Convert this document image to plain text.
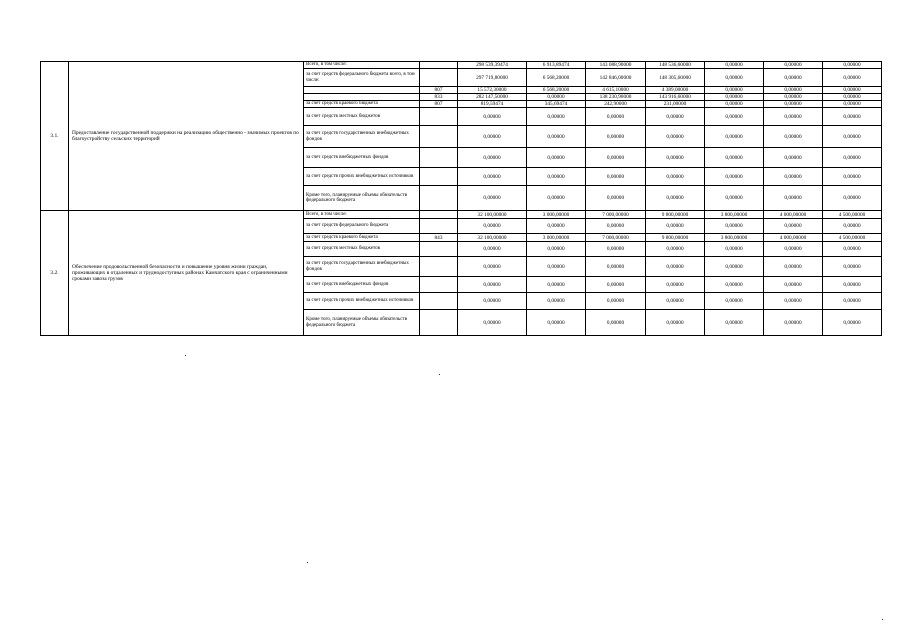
3.1.	Предоставление государственной поддержки на реализацию общественно - значимых проектов по благоустройству сельских территорий	Всего, в том числе:		298 539,39474	6 913,89474	143 088,90000	148 536,60000	0,00000	0,00000	0,00000
		за счет средств федерального бюджета всего, в том числе:		297 719,80000	6 568,20000	142 846,00000	148 305,60000	0,00000	0,00000	0,00000
			807	15 572,30000	6 568,20000	4 615,10000	4 389,00000	0,00000	0,00000	0,00000
			833	282 147,50000	0,00000	138 230,90000	143 916,60000	0,00000	0,00000	0,00000
		за счет средств краевого бюджета	807	819,59474	345,69474	242,90000	231,00000	0,00000	0,00000	0,00000
		за счет средств местных бюджетов		0,00000	0,00000	0,00000	0,00000	0,00000	0,00000	0,00000
		за счет средств государственных внебюджетных фондов		0,00000	0,00000	0,00000	0,00000	0,00000	0,00000	0,00000
		за счет средств внебюджетных фондов		0,00000	0,00000	0,00000	0,00000	0,00000	0,00000	0,00000
		за счет средств прочих внебюджетных источников		0,00000	0,00000	0,00000	0,00000	0,00000	0,00000	0,00000
		Кроме того, планируемые объемы обязательств федерального бюджета		0,00000	0,00000	0,00000	0,00000	0,00000	0,00000	0,00000
3.2.	Обеспечение продовольственной безопасности и повышение уровня жизни граждан, проживающих в отдаленных и труднодоступных районах Камчатского края с ограниченными сроками завоза грузов	Всего, в том числе:		32 100,00000	3 000,00000	7 000,00000	9 800,00000	3 800,00000	4 000,00000	4 500,00000
		за счет средств федерального бюджета		0,00000	0,00000	0,00000	0,00000	0,00000	0,00000	0,00000
		за счет средств краевого бюджета	843	32 100,00000	3 000,00000	7 000,00000	9 800,00000	3 800,00000	4 000,00000	4 500,00000
		за счет средств местных бюджетов		0,00000	0,00000	0,00000	0,00000	0,00000	0,00000	0,00000
		за счет средств государственных внебюджетных фондов		0,00000	0,00000	0,00000	0,00000	0,00000	0,00000	0,00000
		за счет средств внебюджетных фондов		0,00000	0,00000	0,00000	0,00000	0,00000	0,00000	0,00000
		за счет средств прочих внебюджетных источников		0,00000	0,00000	0,00000	0,00000	0,00000	0,00000	0,00000
		Кроме того, планируемые объемы обязательств федерального бюджета		0,00000	0,00000	0,00000	0,00000	0,00000	0,00000	0,00000
